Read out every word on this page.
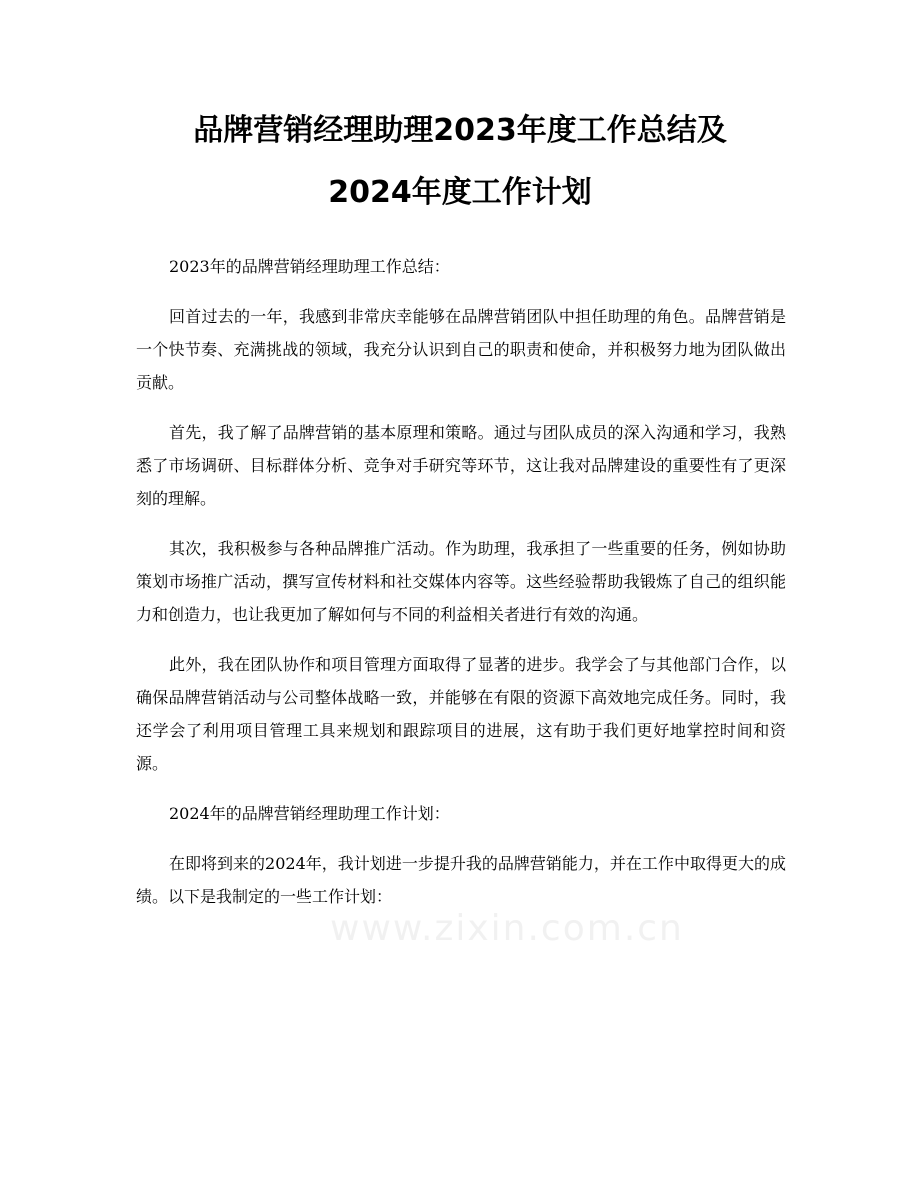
品牌营销经理助理2023年度工作总结及
2024年度工作计划

2023年的品牌营销经理助理工作总结：

回首过去的一年，我感到非常庆幸能够在品牌营销团队中担任助理的角色。品牌营销是一个快节奏、充满挑战的领域，我充分认识到自己的职责和使命，并积极努力地为团队做出贡献。

首先，我了解了品牌营销的基本原理和策略。通过与团队成员的深入沟通和学习，我熟悉了市场调研、目标群体分析、竞争对手研究等环节，这让我对品牌建设的重要性有了更深刻的理解。

其次，我积极参与各种品牌推广活动。作为助理，我承担了一些重要的任务，例如协助策划市场推广活动，撰写宣传材料和社交媒体内容等。这些经验帮助我锻炼了自己的组织能力和创造力，也让我更加了解如何与不同的利益相关者进行有效的沟通。

此外，我在团队协作和项目管理方面取得了显著的进步。我学会了与其他部门合作，以确保品牌营销活动与公司整体战略一致，并能够在有限的资源下高效地完成任务。同时，我还学会了利用项目管理工具来规划和跟踪项目的进展，这有助于我们更好地掌控时间和资源。

2024年的品牌营销经理助理工作计划：

在即将到来的2024年，我计划进一步提升我的品牌营销能力，并在工作中取得更大的成绩。以下是我制定的一些工作计划：

www.zixin.com.cn
